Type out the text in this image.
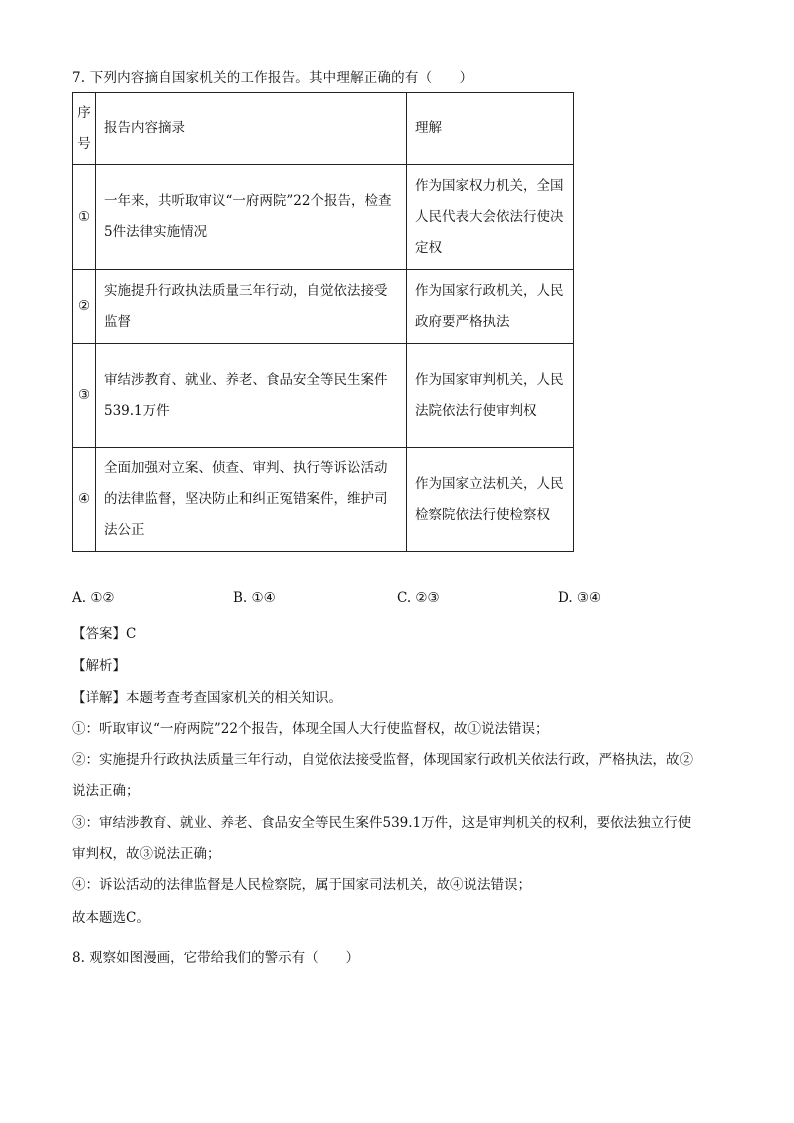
7. 下列内容摘自国家机关的工作报告。其中理解正确的有（　　）
序
号	报告内容摘录	理解
①	一年来，共听取审议“一府两院”22个报告，检查5件法律实施情况	作为国家权力机关，全国人民代表大会依法行使决定权
②	实施提升行政执法质量三年行动，自觉依法接受监督	作为国家行政机关，人民政府要严格执法
③	审结涉教育、就业、养老、食品安全等民生案件539.1万件	作为国家审判机关，人民法院依法行使审判权
④	全面加强对立案、侦查、审判、执行等诉讼活动的法律监督，坚决防止和纠正冤错案件，维护司法公正	作为国家立法机关，人民检察院依法行使检察权
A. ①②	B. ①④	C. ②③	D. ③④
【答案】C
【解析】
【详解】本题考查考查国家机关的相关知识。
①：听取审议“一府两院”22个报告，体现全国人大行使监督权，故①说法错误；
②：实施提升行政执法质量三年行动，自觉依法接受监督，体现国家行政机关依法行政，严格执法，故②
说法正确；
③：审结涉教育、就业、养老、食品安全等民生案件539.1万件，这是审判机关的权利，要依法独立行使
审判权，故③说法正确；
④：诉讼活动的法律监督是人民检察院，属于国家司法机关，故④说法错误；
故本题选C。
8. 观察如图漫画，它带给我们的警示有（　　）
